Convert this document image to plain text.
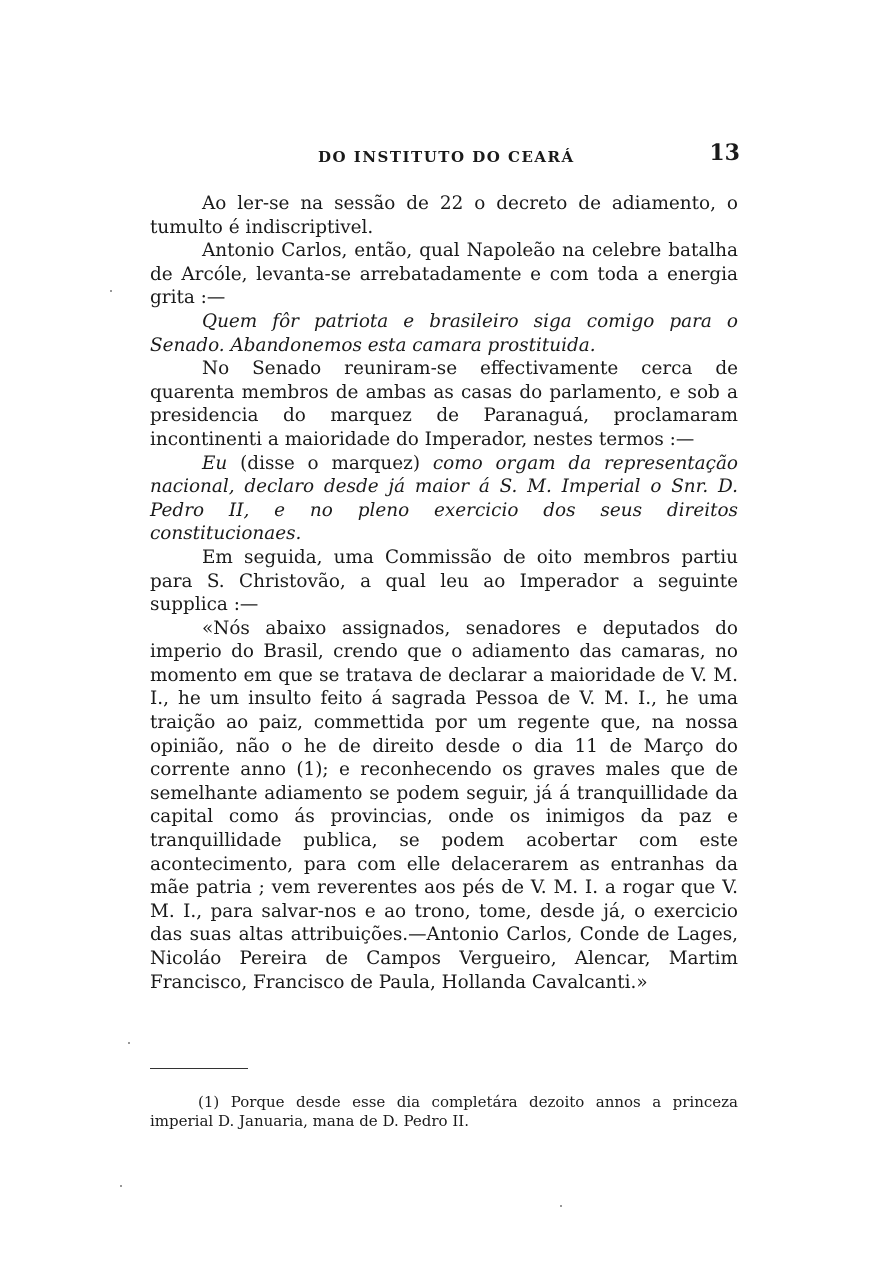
DO INSTITUTO DO CEARÁ	13

Ao ler-se na sessão de 22 o decreto de adiamento, o tumulto é indiscriptivel.

Antonio Carlos, então, qual Napoleão na celebre batalha de Arcóle, levanta-se arrebatadamente e com toda a energia grita :—

Quem fôr patriota e brasileiro siga comigo para o Senado. Abandonemos esta camara prostituida.

No Senado reuniram-se effectivamente cerca de quarenta membros de ambas as casas do parlamento, e sob a presidencia do marquez de Paranaguá, proclamaram incontinenti a maioridade do Imperador, nestes termos :—

Eu (disse o marquez) como orgam da representação nacional, declaro desde já maior á S. M. Imperial o Snr. D. Pedro II, e no pleno exercicio dos seus direitos constitucionaes.

Em seguida, uma Commissão de oito membros partiu para S. Christovão, a qual leu ao Imperador a seguinte supplica :—

«Nós abaixo assignados, senadores e deputados do imperio do Brasil, crendo que o adiamento das camaras, no momento em que se tratava de declarar a maioridade de V. M. I., he um insulto feito á sagrada Pessoa de V. M. I., he uma traição ao paiz, commettida por um regente que, na nossa opinião, não o he de direito desde o dia 11 de Março do corrente anno (1); e reconhecendo os graves males que de semelhante adiamento se podem seguir, já á tranquillidade da capital como ás provincias, onde os inimigos da paz e tranquillidade publica, se podem acobertar com este acontecimento, para com elle delacerarem as entranhas da mãe patria ; vem reverentes aos pés de V. M. I. a rogar que V. M. I., para salvar-nos e ao trono, tome, desde já, o exercicio das suas altas attribuições.—Antonio Carlos, Conde de Lages, Nicoláo Pereira de Campos Vergueiro, Alencar, Martim Francisco, Francisco de Paula, Hollanda Cavalcanti.»

(1) Porque desde esse dia completára dezoito annos a princeza imperial D. Januaria, mana de D. Pedro II.
